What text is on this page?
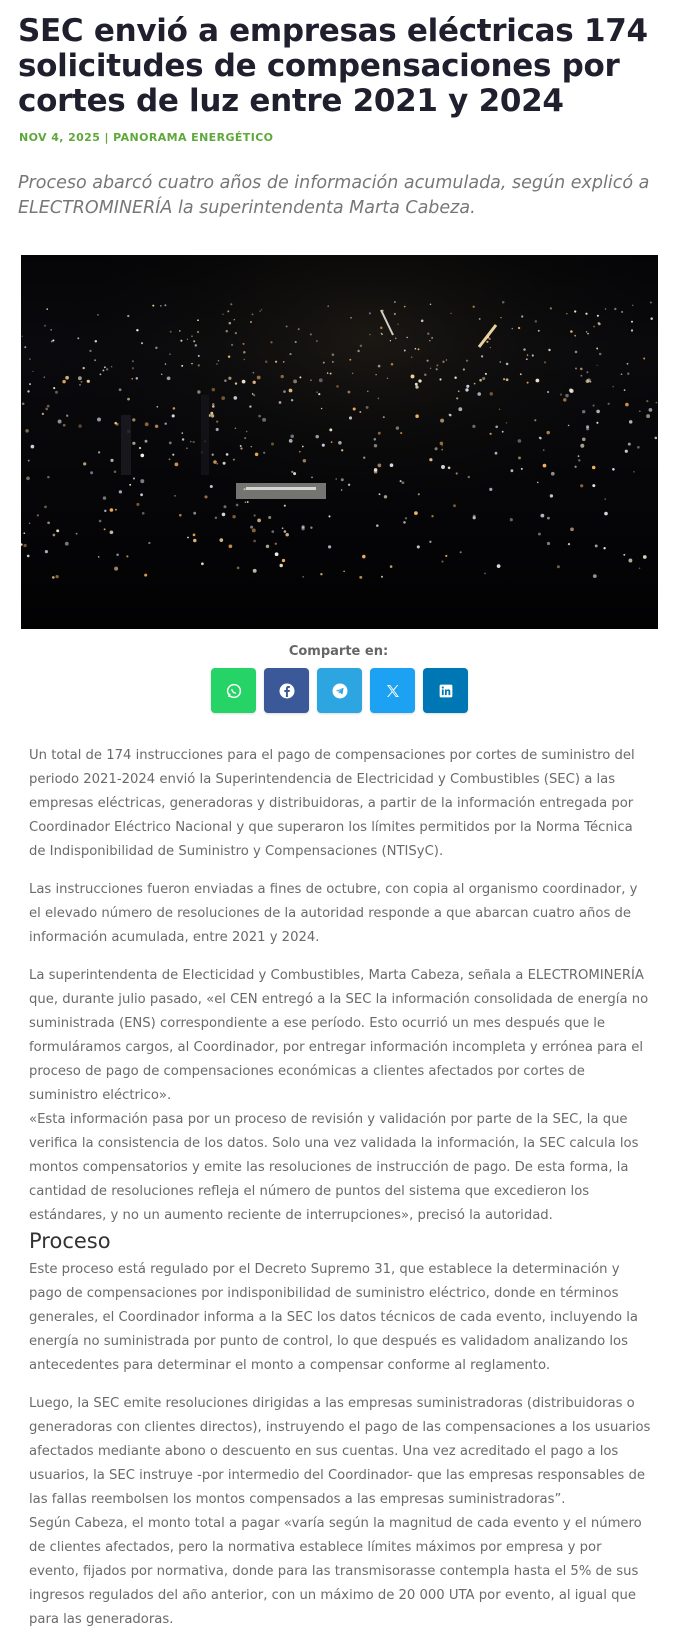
SEC envió a empresas eléctricas 174 solicitudes de compensaciones por cortes de luz entre 2021 y 2024
NOV 4, 2025 | PANORAMA ENERGÉTICO

Proceso abarcó cuatro años de información acumulada, según explicó a ELECTROMINERÍA la superintendenta Marta Cabeza.

Comparte en:

Un total de 174 instrucciones para el pago de compensaciones por cortes de suministro del periodo 2021-2024 envió la Superintendencia de Electricidad y Combustibles (SEC) a las empresas eléctricas, generadoras y distribuidoras, a partir de la información entregada por Coordinador Eléctrico Nacional y que superaron los límites permitidos por la Norma Técnica de Indisponibilidad de Suministro y Compensaciones (NTISyC).

Las instrucciones fueron enviadas a fines de octubre, con copia al organismo coordinador, y el elevado número de resoluciones de la autoridad responde a que abarcan cuatro años de información acumulada, entre 2021 y 2024.

La superintendenta de Electicidad y Combustibles, Marta Cabeza, señala a ELECTROMINERÍA que, durante julio pasado, «el CEN entregó a la SEC la información consolidada de energía no suministrada (ENS) correspondiente a ese período. Esto ocurrió un mes después que le formuláramos cargos, al Coordinador, por entregar información incompleta y errónea para el proceso de pago de compensaciones económicas a clientes afectados por cortes de suministro eléctrico».

«Esta información pasa por un proceso de revisión y validación por parte de la SEC, la que verifica la consistencia de los datos. Solo una vez validada la información, la SEC calcula los montos compensatorios y emite las resoluciones de instrucción de pago. De esta forma, la cantidad de resoluciones refleja el número de puntos del sistema que excedieron los estándares, y no un aumento reciente de interrupciones», precisó la autoridad.

Proceso

Este proceso está regulado por el Decreto Supremo 31, que establece la determinación y pago de compensaciones por indisponibilidad de suministro eléctrico, donde en términos generales, el Coordinador informa a la SEC los datos técnicos de cada evento, incluyendo la energía no suministrada por punto de control, lo que después es validadom analizando los antecedentes para determinar el monto a compensar conforme al reglamento.

Luego, la SEC emite resoluciones dirigidas a las empresas suministradoras (distribuidoras o generadoras con clientes directos), instruyendo el pago de las compensaciones a los usuarios afectados mediante abono o descuento en sus cuentas. Una vez acreditado el pago a los usuarios, la SEC instruye -por intermedio del Coordinador- que las empresas responsables de las fallas reembolsen los montos compensados a las empresas suministradoras”.

Según Cabeza, el monto total a pagar «varía según la magnitud de cada evento y el número de clientes afectados, pero la normativa establece límites máximos por empresa y por evento, fijados por normativa, donde para las transmisorasse contempla hasta el 5% de sus ingresos regulados del año anterior, con un máximo de 20 000 UTA por evento, al igual que para las generadoras.
